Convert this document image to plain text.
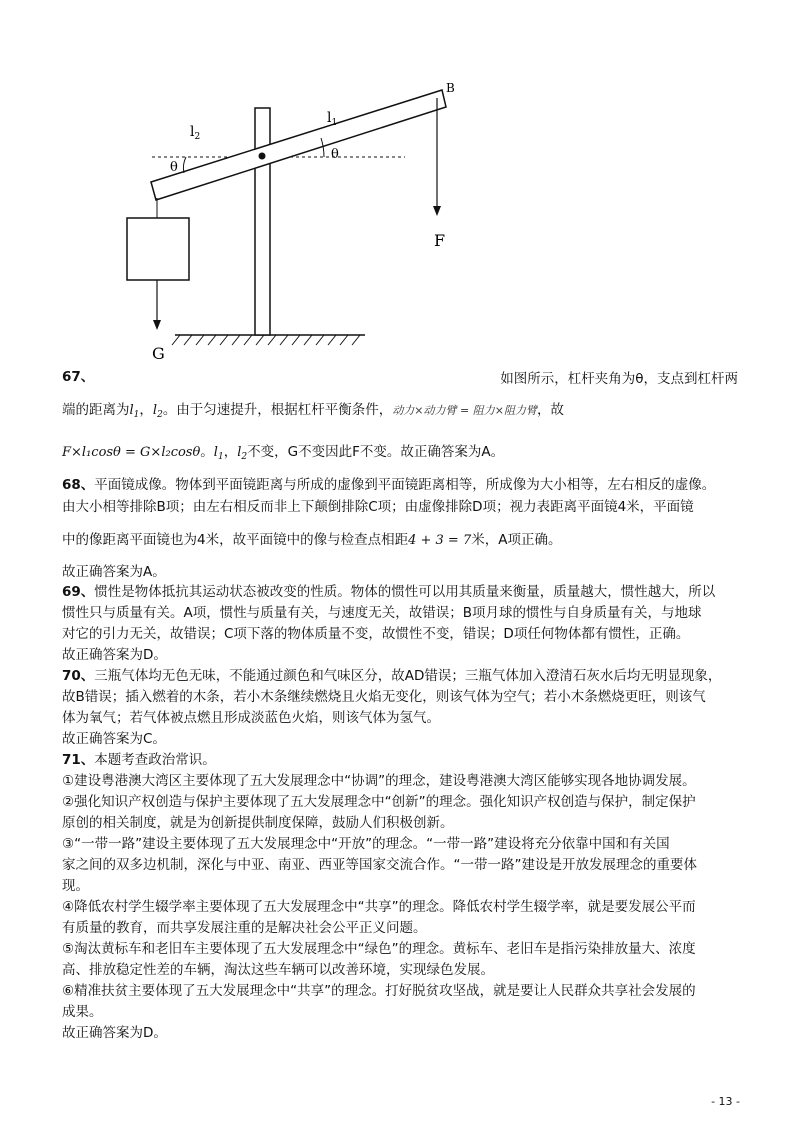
B
F
G
$l_1$
$l_2$
θ
θ
67、	如图所示，杠杆夹角为θ，支点到杠杆两
端的距离为$l_1$，$l_2$。由于匀速提升，根据杠杆平衡条件，动力×动力臂 = 阻力×阻力臂，故
F×l₁cosθ = G×l₂cosθ。$l_1$，$l_2$不变，G不变因此F不变。故正确答案为A。
68、平面镜成像。物体到平面镜距离与所成的虚像到平面镜距离相等，所成像为大小相等，左右相反的虚像。
由大小相等排除B项；由左右相反而非上下颠倒排除C项；由虚像排除D项；视力表距离平面镜4米，平面镜
中的像距离平面镜也为4米，故平面镜中的像与检查点相距4 + 3 = 7米，A项正确。
故正确答案为A。
69、惯性是物体抵抗其运动状态被改变的性质。物体的惯性可以用其质量来衡量，质量越大，惯性越大，所以
惯性只与质量有关。A项，惯性与质量有关，与速度无关，故错误；B项月球的惯性与自身质量有关，与地球
对它的引力无关，故错误；C项下落的物体质量不变，故惯性不变，错误；D项任何物体都有惯性，正确。
故正确答案为D。
70、三瓶气体均无色无味，不能通过颜色和气味区分，故AD错误；三瓶气体加入澄清石灰水后均无明显现象，
故B错误；插入燃着的木条，若小木条继续燃烧且火焰无变化，则该气体为空气；若小木条燃烧更旺，则该气
体为氧气；若气体被点燃且形成淡蓝色火焰，则该气体为氢气。
故正确答案为C。
71、本题考查政治常识。
①建设粤港澳大湾区主要体现了五大发展理念中“协调”的理念，建设粤港澳大湾区能够实现各地协调发展。
②强化知识产权创造与保护主要体现了五大发展理念中“创新”的理念。强化知识产权创造与保护，制定保护
原创的相关制度，就是为创新提供制度保障，鼓励人们积极创新。
③“一带一路”建设主要体现了五大发展理念中“开放”的理念。“一带一路”建设将充分依靠中国和有关国
家之间的双多边机制，深化与中亚、南亚、西亚等国家交流合作。“一带一路”建设是开放发展理念的重要体
现。
④降低农村学生辍学率主要体现了五大发展理念中“共享”的理念。降低农村学生辍学率，就是要发展公平而
有质量的教育，而共享发展注重的是解决社会公平正义问题。
⑤淘汰黄标车和老旧车主要体现了五大发展理念中“绿色”的理念。黄标车、老旧车是指污染排放量大、浓度
高、排放稳定性差的车辆，淘汰这些车辆可以改善环境，实现绿色发展。
⑥精准扶贫主要体现了五大发展理念中“共享”的理念。打好脱贫攻坚战，就是要让人民群众共享社会发展的
成果。
故正确答案为D。
- 13 -
